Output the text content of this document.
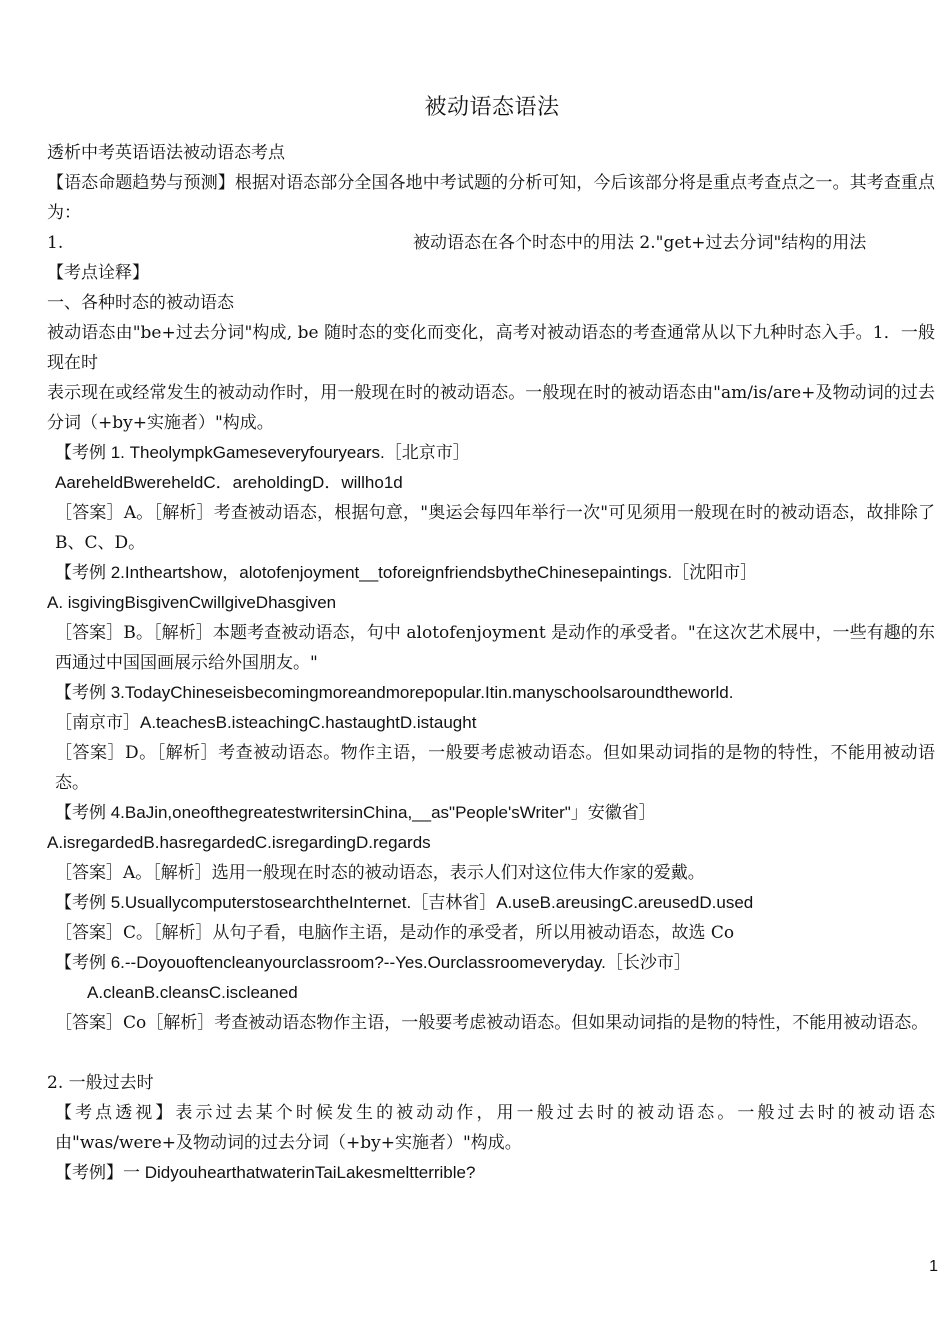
被动语态语法

透析中考英语语法被动语态考点

【语态命题趋势与预测】根据对语态部分全国各地中考试题的分析可知，今后该部分将是重点考查点之一。其考查重点为：

1.	被动语态在各个时态中的用法 2."get+过去分词"结构的用法

【考点诠释】

一、各种时态的被动语态

被动语态由"be+过去分词"构成, be 随时态的变化而变化，高考对被动语态的考查通常从以下九种时态入手。1．一般现在时

表示现在或经常发生的被动动作时，用一般现在时的被动语态。一般现在时的被动语态由"am/is/are+及物动词的过去分词（+by+实施者）"构成。

【考例 1. TheolympkGameseveryfouryears.［北京市］

AareheldBwereheldC．areholdingD．willho1d

［答案］A。［解析］考查被动语态，根据句意，"奥运会每四年举行一次"可见须用一般现在时的被动语态，故排除了 B、C、D。

【考例 2.Intheartshow，alotofenjoyment__toforeignfriendsbytheChinesepaintings.［沈阳市］

A. isgivingBisgivenCwillgiveDhasgiven

［答案］B。［解析］本题考查被动语态，句中 alotofenjoyment 是动作的承受者。"在这次艺术展中，一些有趣的东西通过中国国画展示给外国朋友。"

【考例 3.TodayChineseisbecomingmoreandmorepopular.Itin.manyschoolsaroundtheworld.

［南京市］A.teachesB.isteachingC.hastaughtD.istaught

［答案］D。［解析］考查被动语态。物作主语，一般要考虑被动语态。但如果动词指的是物的特性，不能用被动语态。

【考例 4.BaJin,oneofthegreatestwritersinChina,__as"People'sWriter"」安徽省］

A.isregardedB.hasregardedC.isregardingD.regards

［答案］A。［解析］选用一般现在时态的被动语态，表示人们对这位伟大作家的爱戴。

【考例 5.UsuallycomputerstosearchtheInternet.［吉林省］A.useB.areusingC.areusedD.used

［答案］C。［解析］从句子看，电脑作主语，是动作的承受者，所以用被动语态，故选 Co

【考例 6.--Doyouoftencleanyourclassroom?--Yes.Ourclassroomeveryday.［长沙市］

A.cleanB.cleansC.iscleaned

［答案］Co［解析］考查被动语态物作主语，一般要考虑被动语态。但如果动词指的是物的特性，不能用被动语态。

2. 一般过去时

【考点透视】表示过去某个时候发生的被动动作，用一般过去时的被动语态。一般过去时的被动语态由"was/were+及物动词的过去分词（+by+实施者）"构成。

【考例】一 DidyouhearthatwaterinTaiLakesmeltterrible?

1
